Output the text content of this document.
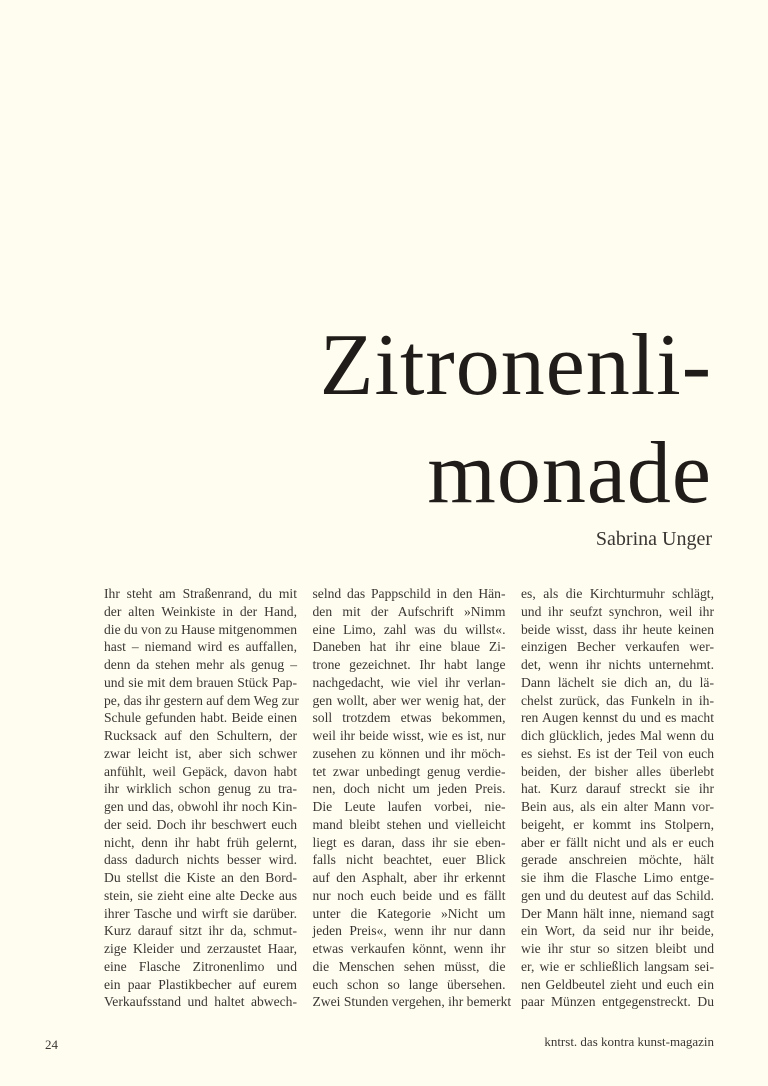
Zitronenli-
monade
Sabrina Unger
Ihr steht am Straßenrand, du mit
der alten Weinkiste in der Hand,
die du von zu Hause mitgenommen
hast – niemand wird es auffallen,
denn da stehen mehr als genug –
und sie mit dem brauen Stück Pap-
pe, das ihr gestern auf dem Weg zur
Schule gefunden habt. Beide einen
Rucksack auf den Schultern, der
zwar leicht ist, aber sich schwer
anfühlt, weil Gepäck, davon habt
ihr wirklich schon genug zu tra-
gen und das, obwohl ihr noch Kin-
der seid. Doch ihr beschwert euch
nicht, denn ihr habt früh gelernt,
dass dadurch nichts besser wird.
Du stellst die Kiste an den Bord-
stein, sie zieht eine alte Decke aus
ihrer Tasche und wirft sie darüber.
Kurz darauf sitzt ihr da, schmut-
zige Kleider und zerzaustet Haar,
eine Flasche Zitronenlimo und
ein paar Plastikbecher auf eurem
Verkaufsstand und haltet abwech-
selnd das Pappschild in den Hän-
den mit der Aufschrift »Nimm
eine Limo, zahl was du willst«.
Daneben hat ihr eine blaue Zi-
trone gezeichnet. Ihr habt lange
nachgedacht, wie viel ihr verlan-
gen wollt, aber wer wenig hat, der
soll trotzdem etwas bekommen,
weil ihr beide wisst, wie es ist, nur
zusehen zu können und ihr möch-
tet zwar unbedingt genug verdie-
nen, doch nicht um jeden Preis.
Die Leute laufen vorbei, nie-
mand bleibt stehen und vielleicht
liegt es daran, dass ihr sie eben-
falls nicht beachtet, euer Blick
auf den Asphalt, aber ihr erkennt
nur noch euch beide und es fällt
unter die Kategorie »Nicht um
jeden Preis«, wenn ihr nur dann
etwas verkaufen könnt, wenn ihr
die Menschen sehen müsst, die
euch schon so lange übersehen.
Zwei Stunden vergehen, ihr bemerkt
es, als die Kirchturmuhr schlägt,
und ihr seufzt synchron, weil ihr
beide wisst, dass ihr heute keinen
einzigen Becher verkaufen wer-
det, wenn ihr nichts unternehmt.
Dann lächelt sie dich an, du lä-
chelst zurück, das Funkeln in ih-
ren Augen kennst du und es macht
dich glücklich, jedes Mal wenn du
es siehst. Es ist der Teil von euch
beiden, der bisher alles überlebt
hat. Kurz darauf streckt sie ihr
Bein aus, als ein alter Mann vor-
beigeht, er kommt ins Stolpern,
aber er fällt nicht und als er euch
gerade anschreien möchte, hält
sie ihm die Flasche Limo entge-
gen und du deutest auf das Schild.
Der Mann hält inne, niemand sagt
ein Wort, da seid nur ihr beide,
wie ihr stur so sitzen bleibt und
er, wie er schließlich langsam sei-
nen Geldbeutel zieht und euch ein
paar Münzen entgegenstreckt. Du
24	kntrst. das kontra kunst-magazin
